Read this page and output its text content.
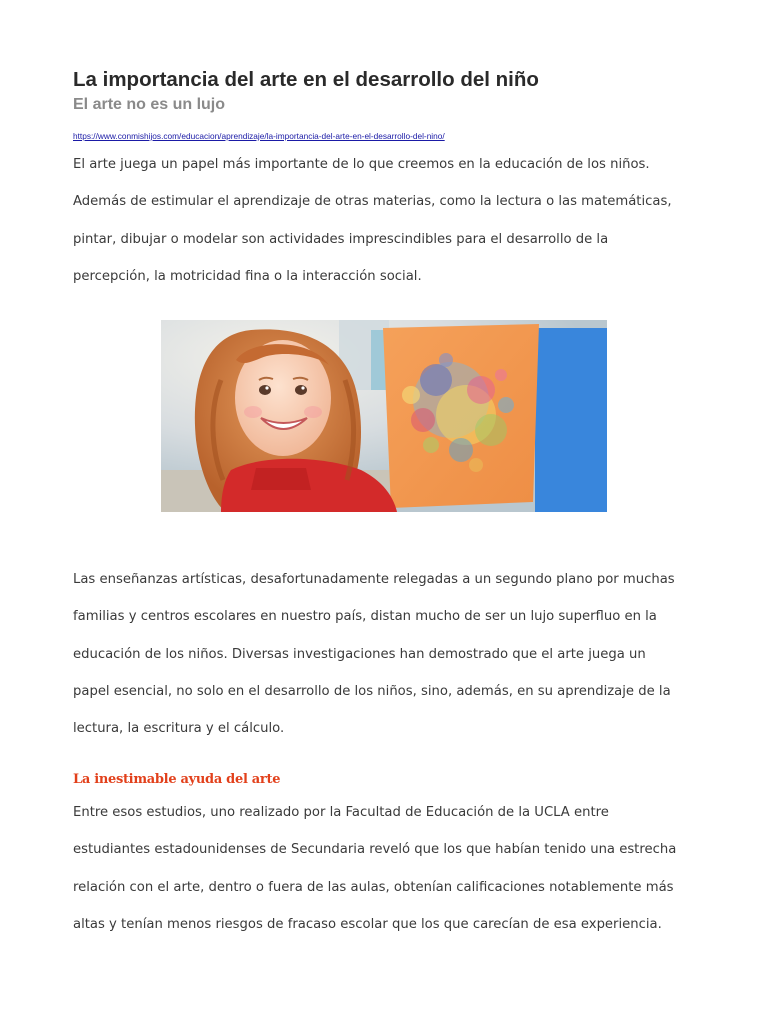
La importancia del arte en el desarrollo del niño
El arte no es un lujo
https://www.conmishijos.com/educacion/aprendizaje/la-importancia-del-arte-en-el-desarrollo-del-nino/

El arte juega un papel más importante de lo que creemos en la educación de los niños.
Además de estimular el aprendizaje de otras materias, como la lectura o las matemáticas,
pintar, dibujar o modelar son actividades imprescindibles para el desarrollo de la
percepción, la motricidad fina o la interacción social.

Las enseñanzas artísticas, desafortunadamente relegadas a un segundo plano por muchas
familias y centros escolares en nuestro país, distan mucho de ser un lujo superfluo en la
educación de los niños. Diversas investigaciones han demostrado que el arte juega un
papel esencial, no solo en el desarrollo de los niños, sino, además, en su aprendizaje de la
lectura, la escritura y el cálculo.

La inestimable ayuda del arte

Entre esos estudios, uno realizado por la Facultad de Educación de la UCLA entre
estudiantes estadounidenses de Secundaria reveló que los que habían tenido una estrecha
relación con el arte, dentro o fuera de las aulas, obtenían calificaciones notablemente más
altas y tenían menos riesgos de fracaso escolar que los que carecían de esa experiencia.
